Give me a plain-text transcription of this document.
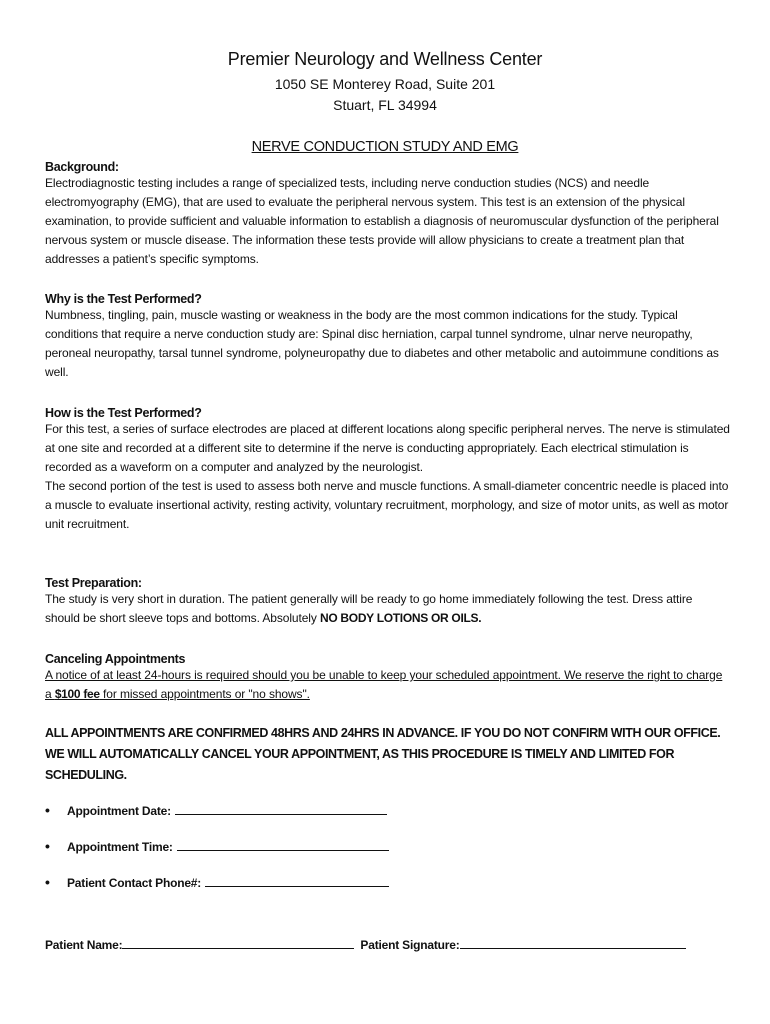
Premier Neurology and Wellness Center
1050 SE Monterey Road, Suite 201
Stuart, FL 34994
NERVE CONDUCTION STUDY AND EMG
Background:
Electrodiagnostic testing includes a range of specialized tests, including nerve conduction studies (NCS) and needle electromyography (EMG), that are used to evaluate the peripheral nervous system. This test is an extension of the physical examination, to provide sufficient and valuable information to establish a diagnosis of neuromuscular dysfunction of the peripheral nervous system or muscle disease. The information these tests provide will allow physicians to create a treatment plan that addresses a patient’s specific symptoms.
Why is the Test Performed?
Numbness, tingling, pain, muscle wasting or weakness in the body are the most common indications for the study. Typical conditions that require a nerve conduction study are: Spinal disc herniation, carpal tunnel syndrome, ulnar nerve neuropathy, peroneal neuropathy, tarsal tunnel syndrome, polyneuropathy due to diabetes and other metabolic and autoimmune conditions as well.
How is the Test Performed?

For this test, a series of surface electrodes are placed at different locations along specific peripheral nerves. The nerve is stimulated at one site and recorded at a different site to determine if the nerve is conducting appropriately. Each electrical stimulation is recorded as a waveform on a computer and analyzed by the neurologist.

The second portion of the test is used to assess both nerve and muscle functions. A small-diameter concentric needle is placed into a muscle to evaluate insertional activity, resting activity, voluntary recruitment, morphology, and size of motor units, as well as motor unit recruitment.

Test Preparation:
The study is very short in duration. The patient generally will be ready to go home immediately following the test. Dress attire should be short sleeve tops and bottoms. Absolutely NO BODY LOTIONS OR OILS.
Canceling Appointments
A notice of at least 24-hours is required should you be unable to keep your scheduled appointment. We reserve the right to charge a $100 fee for missed appointments or "no shows".
ALL APPOINTMENTS ARE CONFIRMED 48HRS AND 24HRS IN ADVANCE. IF YOU DO NOT CONFIRM WITH OUR OFFICE. WE WILL AUTOMATICALLY CANCEL YOUR APPOINTMENT, AS THIS PROCEDURE IS TIMELY AND LIMITED FOR SCHEDULING.
•	Appointment Date:
•	Appointment Time:
•	Patient Contact Phone#:
Patient Name:	Patient Signature:
